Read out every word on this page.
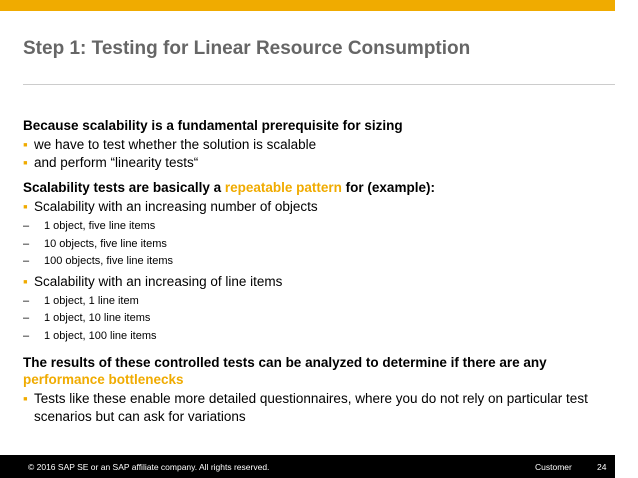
Step 1: Testing for Linear Resource Consumption

Because scalability is a fundamental prerequisite for sizing

▪ we have to test whether the solution is scalable
▪ and perform “linearity tests“

Scalability tests are basically a repeatable pattern for (example):

▪ Scalability with an increasing number of objects
– 1 object, five line items
– 10 objects, five line items
– 100 objects, five line items
▪ Scalability with an increasing of line items
– 1 object, 1 line item
– 1 object, 10 line items
– 1 object, 100 line items

The results of these controlled tests can be analyzed to determine if there are any performance bottlenecks

▪ Tests like these enable more detailed questionnaires, where you do not rely on particular test scenarios but can ask for variations
© 2016 SAP SE or an SAP affiliate company. All rights reserved.	Customer	24
